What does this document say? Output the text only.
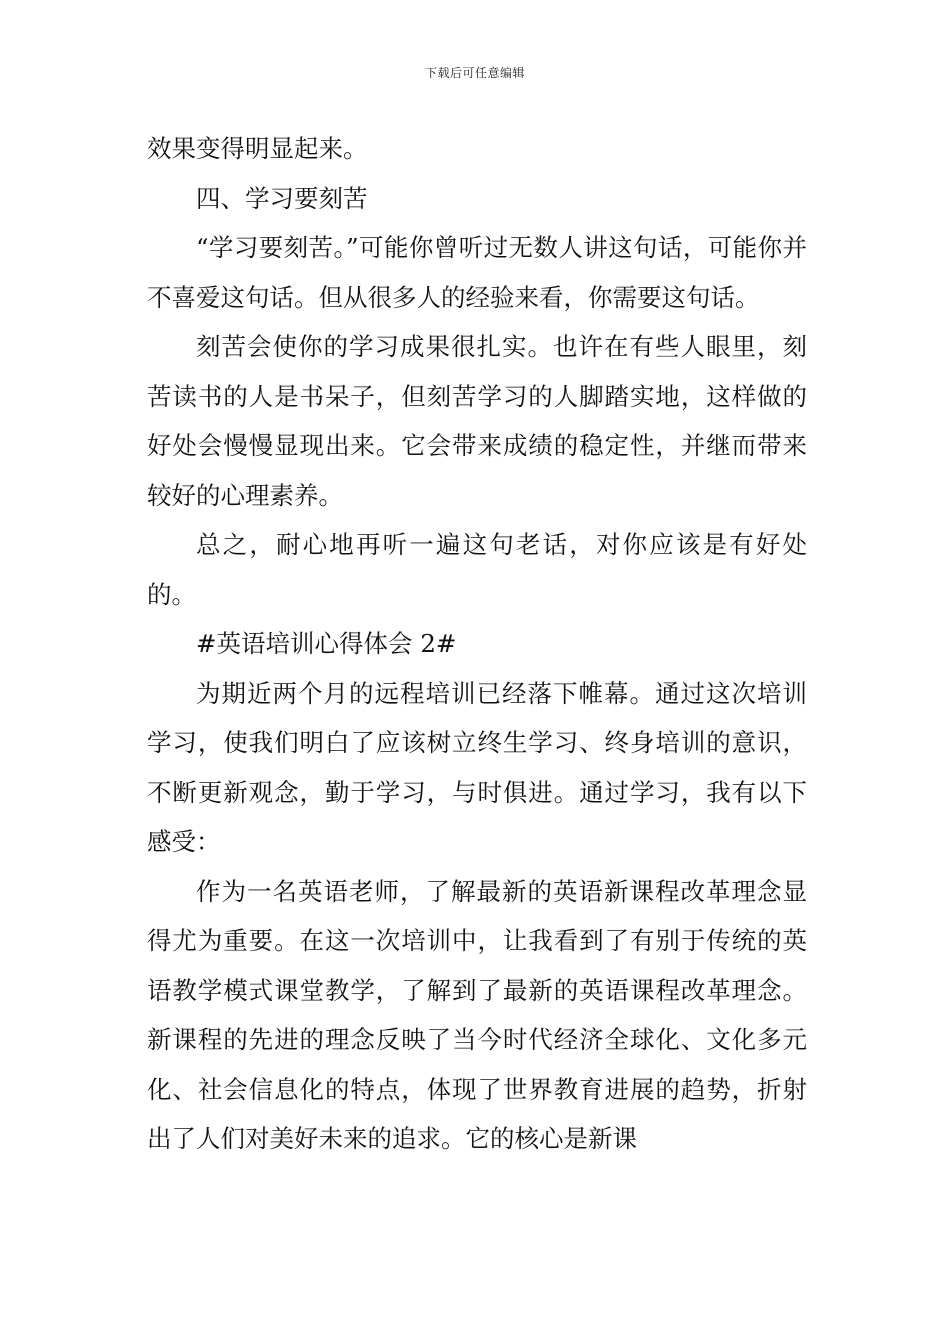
下载后可任意编辑

效果变得明显起来。

四、学习要刻苦

“学习要刻苦。”可能你曾听过无数人讲这句话，可能你并不喜爱这句话。但从很多人的经验来看，你需要这句话。

刻苦会使你的学习成果很扎实。也许在有些人眼里，刻苦读书的人是书呆子，但刻苦学习的人脚踏实地，这样做的好处会慢慢显现出来。它会带来成绩的稳定性，并继而带来较好的心理素养。

总之，耐心地再听一遍这句老话，对你应该是有好处的。

#英语培训心得体会 2#

为期近两个月的远程培训已经落下帷幕。通过这次培训学习，使我们明白了应该树立终生学习、终身培训的意识，不断更新观念，勤于学习，与时俱进。通过学习，我有以下感受：

作为一名英语老师，了解最新的英语新课程改革理念显得尤为重要。在这一次培训中，让我看到了有别于传统的英语教学模式课堂教学，了解到了最新的英语课程改革理念。新课程的先进的理念反映了当今时代经济全球化、文化多元化、社会信息化的特点，体现了世界教育进展的趋势，折射出了人们对美好未来的追求。它的核心是新课
